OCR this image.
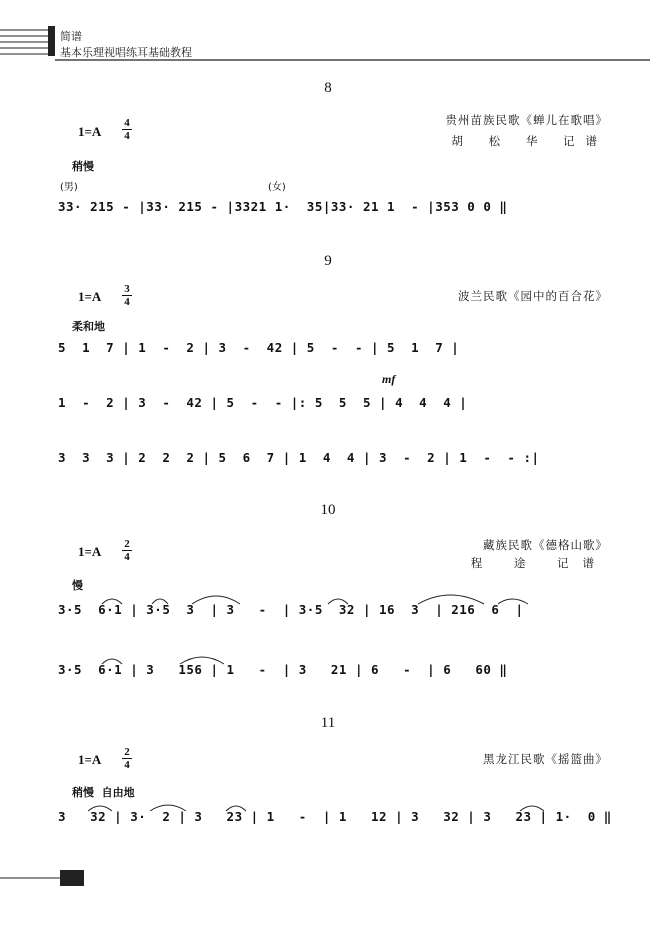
简谱
基本乐理视唱练耳基础教程
8
1=A
4
4
贵州苗族民歌《蝉儿在歌唱》
胡 松 华 记谱
稍慢
(男)	(女)
33· 215 - |33· 215 - |3321 1·  35|33· 21 1  - |353 0 0 ‖
9
1=A	3
4	波兰民歌《园中的百合花》
柔和地
5  1  7 | 1  -  2 | 3  -  42 | 5  -  - | 5  1  7 |
mf
1  -  2 | 3  -  42 | 5  -  - |: 5  5  5 | 4  4  4 |
3  3  3 | 2  2  2 | 5  6  7 | 1  4  4 | 3  -  2 | 1  -  - :|
10
1=A	2
4
藏族民歌《德格山歌》
程 途 记谱
慢
3·5  6·1 | 3·5  3  | 3   -  | 3·5  32 | 16  3  | 216  6  |
3·5  6·1 | 3   156 | 1   -  | 3   21 | 6   -  | 6   60 ‖
11
1=A	2
4	黑龙江民歌《摇篮曲》
稍慢  自由地
3   32 | 3·  2 | 3   23 | 1   -  | 1   12 | 3   32 | 3   23 | 1·  0 ‖
